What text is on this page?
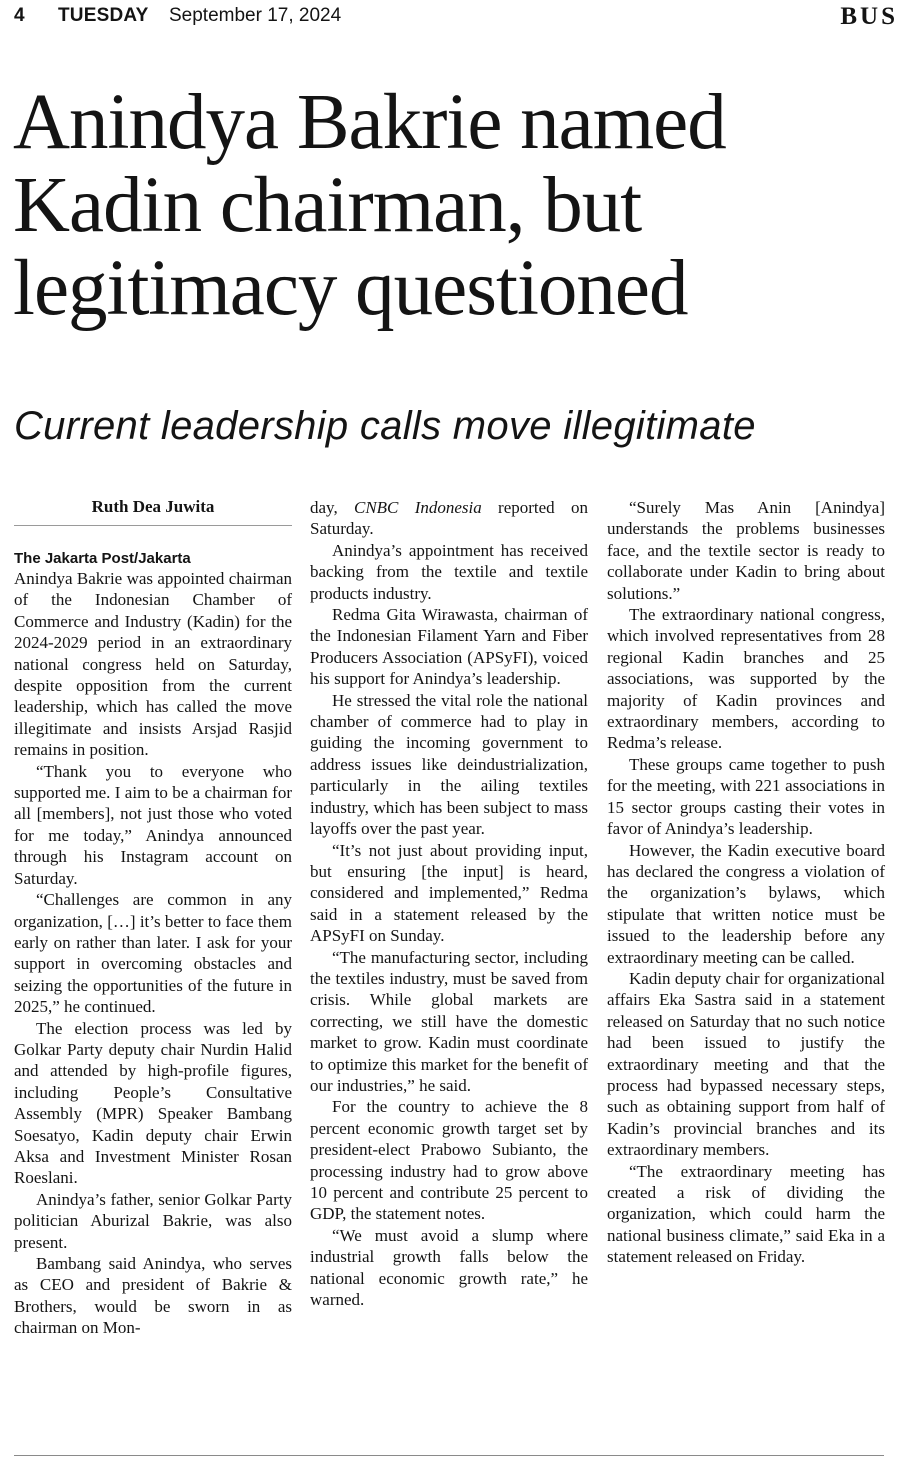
4 TUESDAY September 17, 2024	BUS
Anindya Bakrie named
Kadin chairman, but
legitimacy questioned
Current leadership calls move illegitimate
Ruth Dea Juwita
The Jakarta Post/Jakarta

Anindya Bakrie was appointed chairman of the Indonesian Chamber of Commerce and Industry (Kadin) for the 2024-2029 period in an extraordinary national congress held on Saturday, despite opposition from the current leadership, which has called the move illegitimate and insists Arsjad Rasjid remains in position.

“Thank you to everyone who supported me. I aim to be a chairman for all [members], not just those who voted for me today,” Anindya announced through his Instagram account on Saturday.

“Challenges are common in any organization, […] it’s better to face them early on rather than later. I ask for your support in overcoming obstacles and seizing the opportunities of the future in 2025,” he continued.

The election process was led by Golkar Party deputy chair Nurdin Halid and attended by high-profile figures, including People’s Consultative Assembly (MPR) Speaker Bambang Soesatyo, Kadin deputy chair Erwin Aksa and Investment Minister Rosan Roeslani.

Anindya’s father, senior Golkar Party politician Aburizal Bakrie, was also present.

Bambang said Anindya, who serves as CEO and president of Bakrie & Brothers, would be sworn in as chairman on Mon-

day, CNBC Indonesia reported on Saturday.

Anindya’s appointment has received backing from the textile and textile products industry.

Redma Gita Wirawasta, chairman of the Indonesian Filament Yarn and Fiber Producers Association (APSyFI), voiced his support for Anindya’s leadership.

He stressed the vital role the national chamber of commerce had to play in guiding the incoming government to address issues like deindustrialization, particularly in the ailing textiles industry, which has been subject to mass layoffs over the past year.

“It’s not just about providing input, but ensuring [the input] is heard, considered and implemented,” Redma said in a statement released by the APSyFI on Sunday.

“The manufacturing sector, including the textiles industry, must be saved from crisis. While global markets are correcting, we still have the domestic market to grow. Kadin must coordinate to optimize this market for the benefit of our industries,” he said.

For the country to achieve the 8 percent economic growth target set by president-elect Prabowo Subianto, the processing industry had to grow above 10 percent and contribute 25 percent to GDP, the statement notes.

“We must avoid a slump where industrial growth falls below the national economic growth rate,” he warned.

“Surely Mas Anin [Anindya] understands the problems businesses face, and the textile sector is ready to collaborate under Kadin to bring about solutions.”

The extraordinary national congress, which involved representatives from 28 regional Kadin branches and 25 associations, was supported by the majority of Kadin provinces and extraordinary members, according to Redma’s release.

These groups came together to push for the meeting, with 221 associations in 15 sector groups casting their votes in favor of Anindya’s leadership.

However, the Kadin executive board has declared the congress a violation of the organization’s bylaws, which stipulate that written notice must be issued to the leadership before any extraordinary meeting can be called.

Kadin deputy chair for organizational affairs Eka Sastra said in a statement released on Saturday that no such notice had been issued to justify the extraordinary meeting and that the process had bypassed necessary steps, such as obtaining support from half of Kadin’s provincial branches and its extraordinary members.

“The extraordinary meeting has created a risk of dividing the organization, which could harm the national business climate,” said Eka in a statement released on Friday.
